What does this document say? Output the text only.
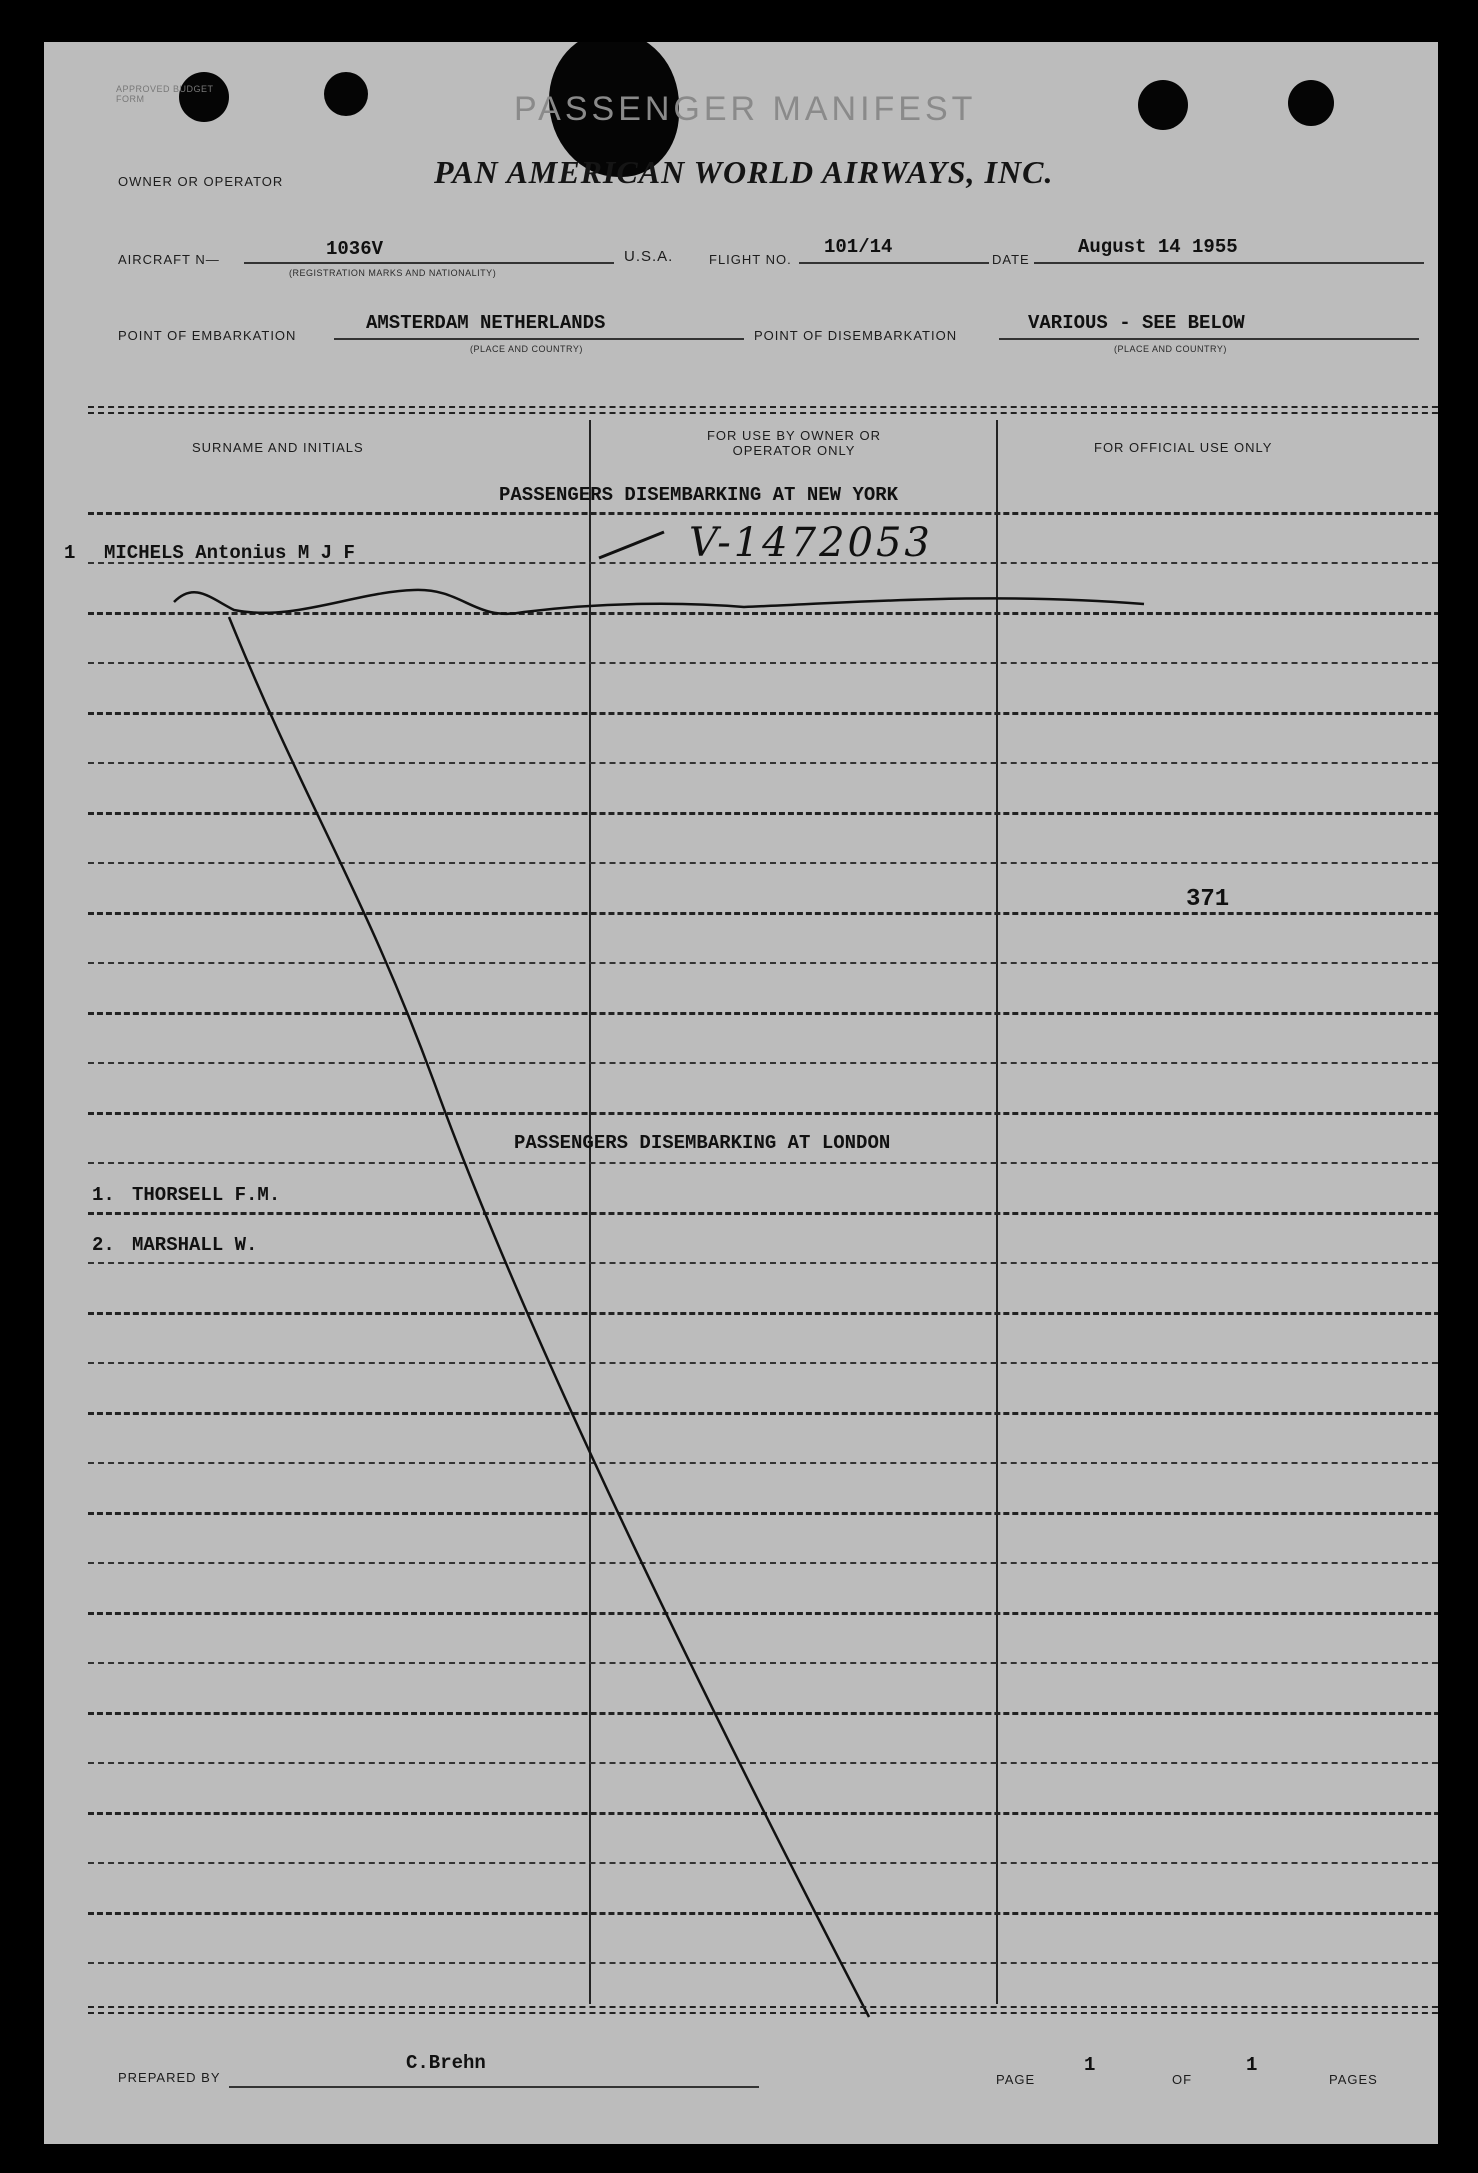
APPROVED BUDGET FORM	PASSENGER MANIFEST
OWNER OR OPERATOR	PAN AMERICAN WORLD AIRWAYS, INC.
AIRCRAFT N—	1036V
(REGISTRATION MARKS AND NATIONALITY)
U.S.A.	FLIGHT NO.
101/14
DATE
August 14 1955
POINT OF EMBARKATION
AMSTERDAM NETHERLANDS
(PLACE AND COUNTRY)
POINT OF DISEMBARKATION
VARIOUS - SEE BELOW
(PLACE AND COUNTRY)
SURNAME AND INITIALS
FOR USE BY OWNER OR OPERATOR ONLY	FOR OFFICIAL USE ONLY
PASSENGERS DISEMBARKING AT NEW YORK
1 MICHELS Antonius M J F	V-1472053
371
PASSENGERS DISEMBARKING AT LONDON
1. THORSELL F.M.
2. MARSHALL W.
PREPARED BY
C.Brehn
PAGE
1
OF
1
PAGES
